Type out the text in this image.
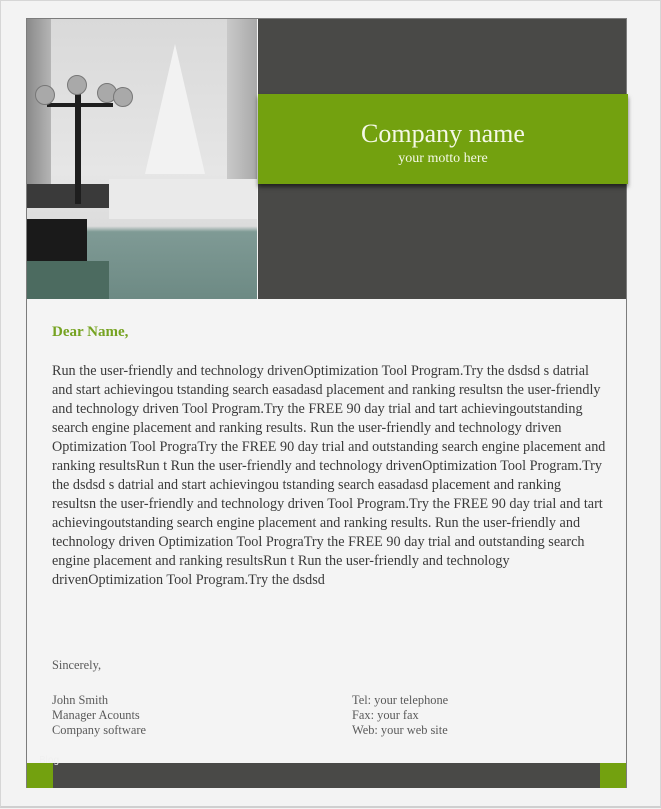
Company name
your motto here
Dear Name,
Run the user-friendly and technology drivenOptimization Tool Program.Try the dsdsd s datrial and start achievingou tstanding search easadasd placement and ranking resultsn the user-friendly and technology driven Tool Program.Try the FREE 90 day trial and tart achievingoutstanding search engine placement and ranking results. Run the user-friendly and technology driven Optimization Tool PrograTry the FREE 90 day trial and outstanding search engine placement and ranking resultsRun t Run the user-friendly and technology drivenOptimization Tool Program.Try the dsdsd s datrial and start achievingou tstanding search easadasd placement and ranking resultsn the user-friendly and technology driven Tool Program.Try the FREE 90 day trial and tart achievingoutstanding search engine placement and ranking results. Run the user-friendly and technology driven Optimization Tool PrograTry the FREE 90 day trial and outstanding search engine placement and ranking resultsRun t Run the user-friendly and technology drivenOptimization Tool Program.Try the dsdsd
Sincerely,
John Smith
Manager Acounts
Company software
Tel: your telephone
Fax: your fax
Web: your web site
Blog
